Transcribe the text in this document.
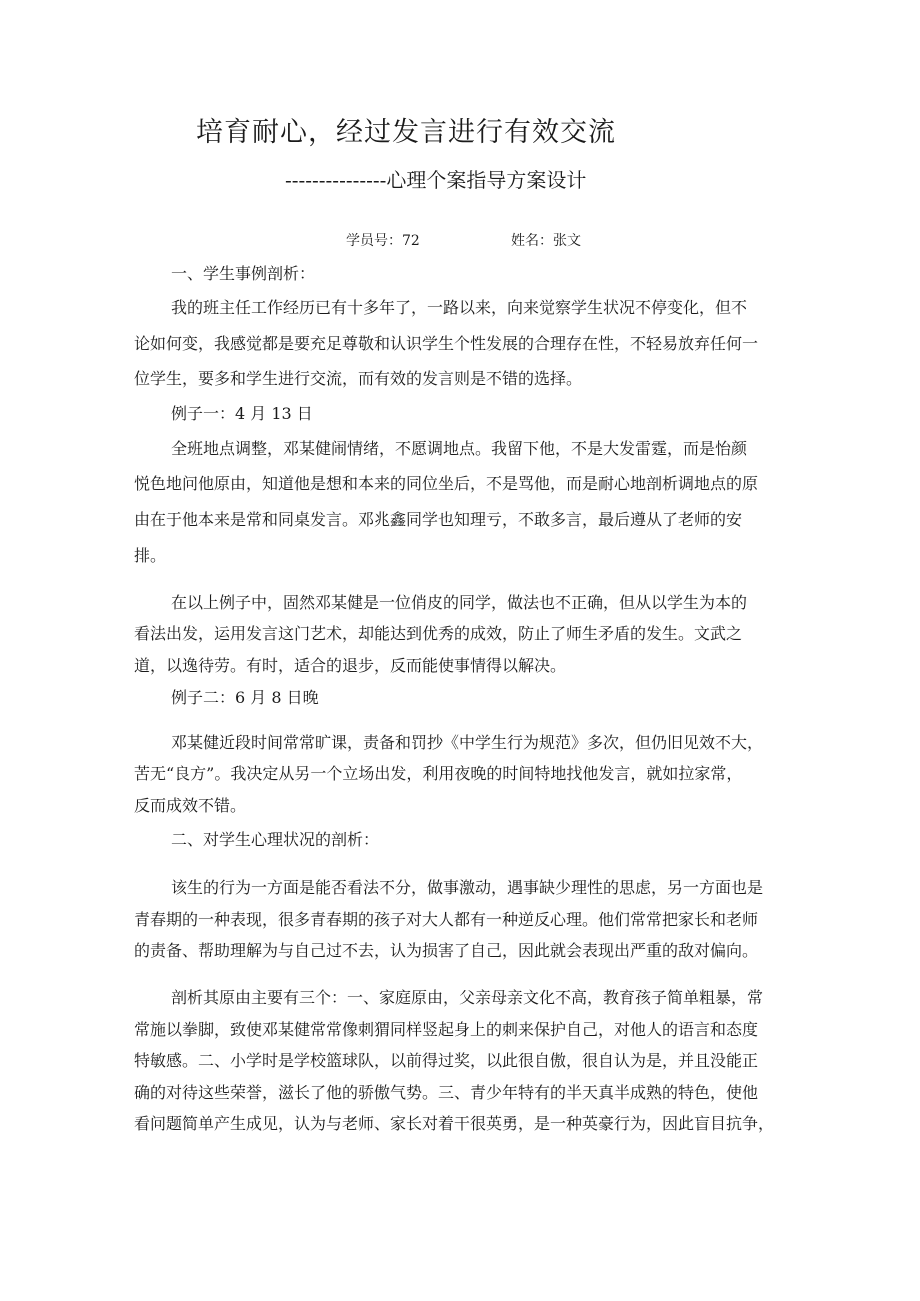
培育耐心，经过发言进行有效交流
---------------心理个案指导方案设计
学员号：72	姓名：张文
一、学生事例剖析：
我的班主任工作经历已有十多年了，一路以来，向来觉察学生状况不停变化，但不
论如何变，我感觉都是要充足尊敬和认识学生个性发展的合理存在性，不轻易放弃任何一
位学生，要多和学生进行交流，而有效的发言则是不错的选择。
例子一：4 月 13 日
全班地点调整，邓某健闹情绪，不愿调地点。我留下他，不是大发雷霆，而是怡颜
悦色地问他原由，知道他是想和本来的同位坐后，不是骂他，而是耐心地剖析调地点的原
由在于他本来是常和同桌发言。邓兆鑫同学也知理亏，不敢多言，最后遵从了老师的安
排。
在以上例子中，固然邓某健是一位俏皮的同学，做法也不正确，但从以学生为本的
看法出发，运用发言这门艺术，却能达到优秀的成效，防止了师生矛盾的发生。文武之
道，以逸待劳。有时，适合的退步，反而能使事情得以解决。
例子二：6 月 8 日晚
邓某健近段时间常常旷课，责备和罚抄《中学生行为规范》多次，但仍旧见效不大，
苦无“良方”。我决定从另一个立场出发，利用夜晚的时间特地找他发言，就如拉家常，
反而成效不错。
二、对学生心理状况的剖析：
该生的行为一方面是能否看法不分，做事激动，遇事缺少理性的思虑，另一方面也是
青春期的一种表现，很多青春期的孩子对大人都有一种逆反心理。他们常常把家长和老师
的责备、帮助理解为与自己过不去，认为损害了自己，因此就会表现出严重的敌对偏向。
剖析其原由主要有三个：一、家庭原由，父亲母亲文化不高，教育孩子简单粗暴，常
常施以拳脚，致使邓某健常常像刺猬同样竖起身上的刺来保护自己，对他人的语言和态度
特敏感。二、小学时是学校篮球队，以前得过奖，以此很自傲，很自认为是，并且没能正
确的对待这些荣誉，滋长了他的骄傲气势。三、青少年特有的半天真半成熟的特色，使他
看问题简单产生成见，认为与老师、家长对着干很英勇，是一种英豪行为，因此盲目抗争，
